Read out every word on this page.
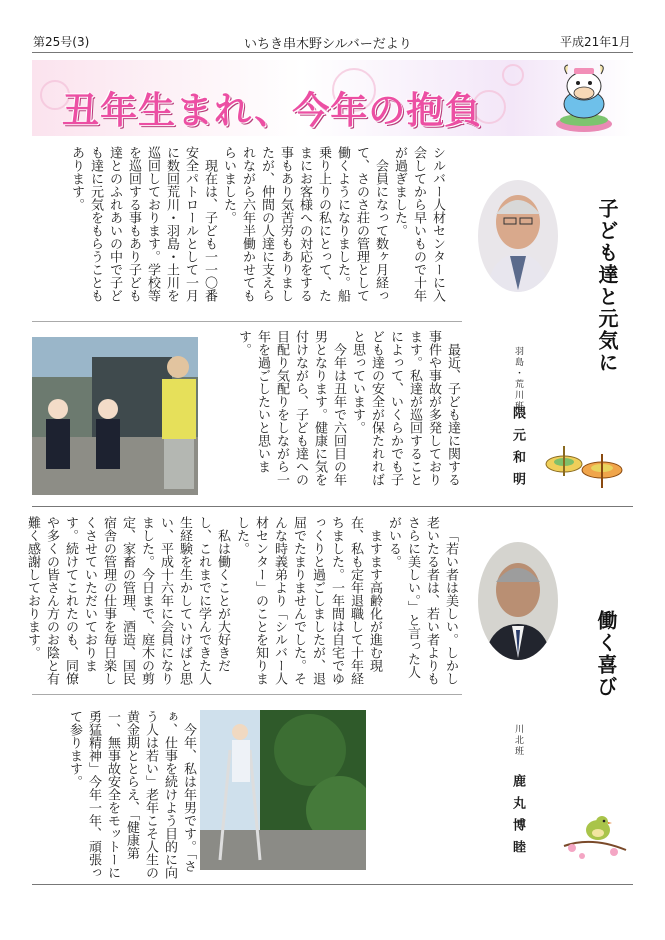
第25号(3)	いちき串木野シルバーだより	平成21年1月
丑年生まれ、今年の抱負

シルバー人材センターに入会してから早いもので十年が過ぎました。

会員になって数ヶ月経って、さのさ荘の管理として働くようになりました。船乗り上りの私にとって、たまにお客様への対応をする事もあり気苦労もありましたが、仲間の人達に支えられながら六年半働かせてもらいました。

現在は、子ども一一〇番安全パトロールとして一月に数回荒川・羽島・土川を巡回しております。学校等を巡回する事もあり子ども達とのふれあいの中で子ども達に元気をもらうこともあります。

最近、子ども達に関する事件や事故が多発しております。私達が巡回することによって、いくらかでも子ども達の安全が保たれればと思っています。

今年は丑年で六回目の年男となります。健康に気を付けながら、子ども達への目配り気配りをしながら一年を過ごしたいと思います。	子ども達と元気に
羽島・荒川班
隈元和明

「若い者は美しい。しかし老いたる者は、若い者よりもさらに美しい。」と言った人がいる。

ますます高齢化が進む現在、私も定年退職して十年経ちました。一年間は自宅でゆっくりと過ごしましたが、退屈でたまりませんでした。そんな時義弟より「シルバー人材センター」のことを知りました。

私は働くことが大好きだし、これまでに学んできた人生経験を生かしていけばと思い、平成十六年に会員になりました。今日まで、庭木の剪定、家畜の管理、酒造、国民宿舎の管理の仕事を毎日楽しくさせていただいております。続けてこれたのも、同僚や多くの皆さん方のお陰と有難く感謝しております。

今年、私は年男です。「さぁ、仕事を続けよう目的に向う人は若い」老年こそ人生の黄金期ととらえ、「健康第一、無事故安全をモットーに勇猛精神」今年一年、頑張って参ります。

働く喜び
川北班
鹿丸博睦
